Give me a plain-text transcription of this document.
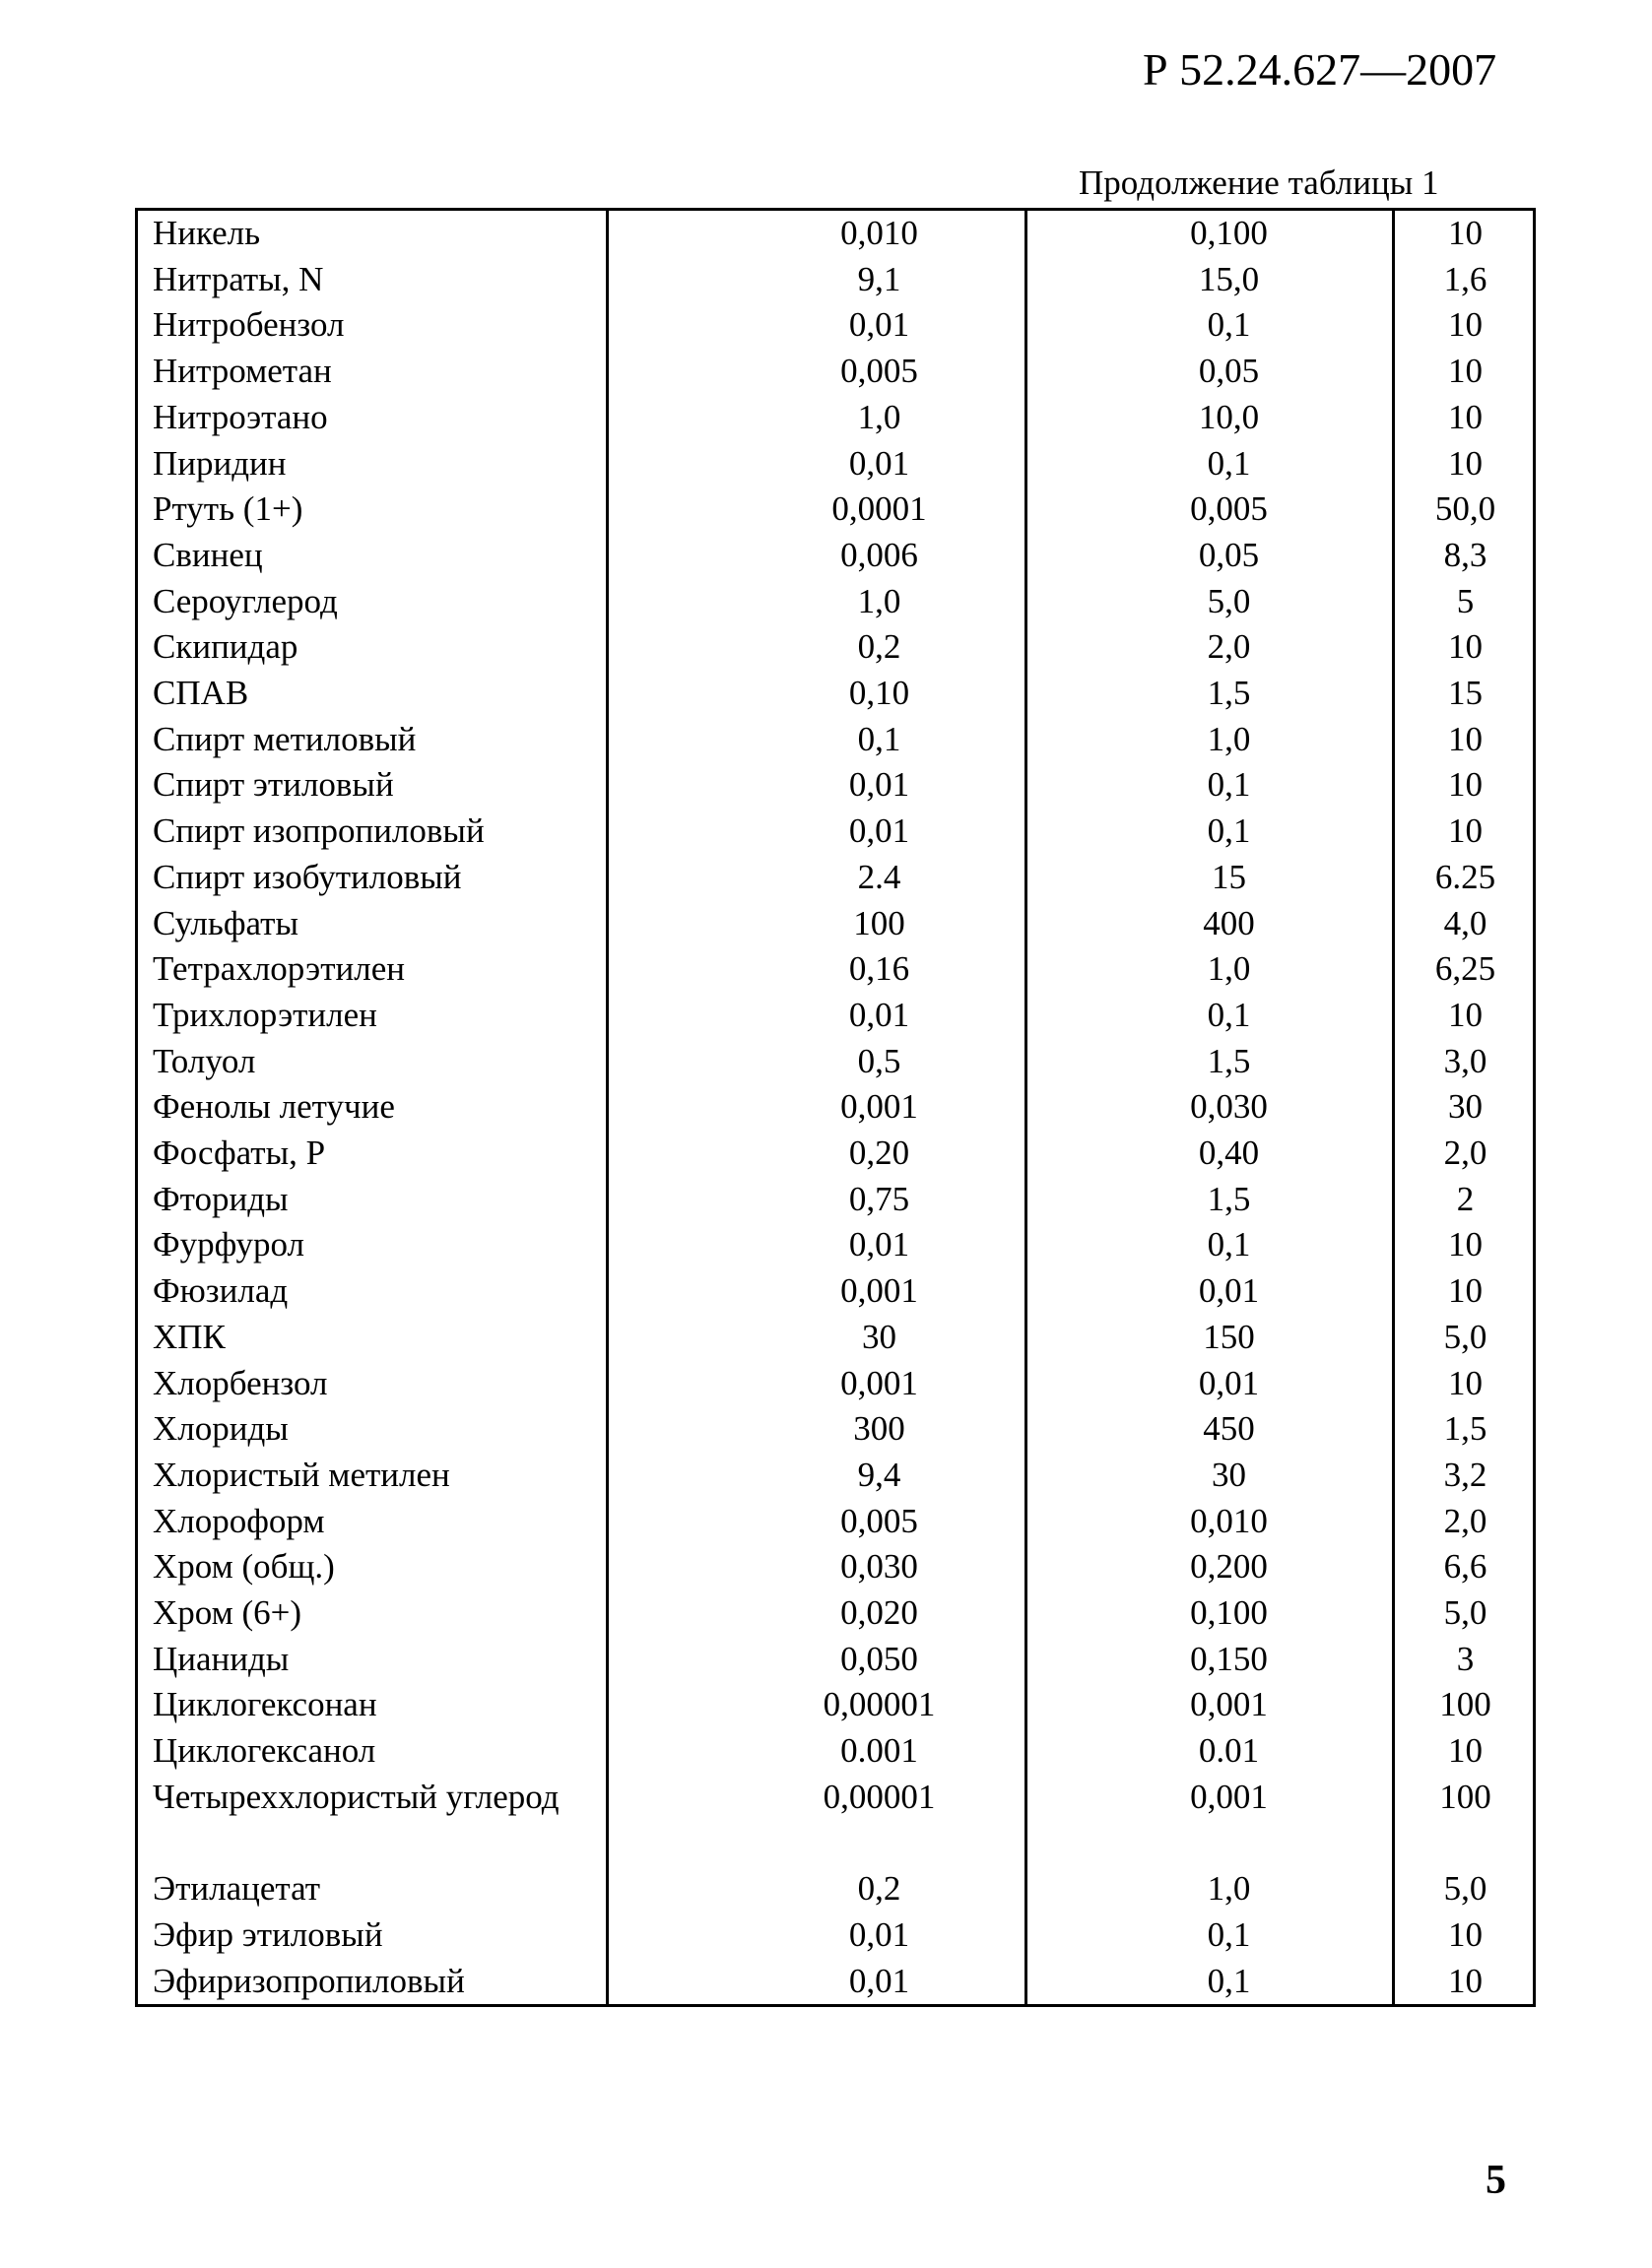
Р 52.24.627—2007
Продолжение таблицы 1
Никель	0,010	0,100	10
Нитраты, N	9,1	15,0	1,6
Нитробензол	0,01	0,1	10
Нитрометан	0,005	0,05	10
Нитроэтано	1,0	10,0	10
Пиридин	0,01	0,1	10
Ртуть (1+)	0,0001	0,005	50,0
Свинец	0,006	0,05	8,3
Сероуглерод	1,0	5,0	5
Скипидар	0,2	2,0	10
СПАВ	0,10	1,5	15
Спирт метиловый	0,1	1,0	10
Спирт этиловый	0,01	0,1	10
Спирт изопропиловый	0,01	0,1	10
Спирт изобутиловый	2.4	15	6.25
Сульфаты	100	400	4,0
Тетрахлорэтилен	0,16	1,0	6,25
Трихлорэтилен	0,01	0,1	10
Толуол	0,5	1,5	3,0
Фенолы летучие	0,001	0,030	30
Фосфаты, Р	0,20	0,40	2,0
Фториды	0,75	1,5	2
Фурфурол	0,01	0,1	10
Фюзилад	0,001	0,01	10
ХПК	30	150	5,0
Хлорбензол	0,001	0,01	10
Хлориды	300	450	1,5
Хлористый метилен	9,4	30	3,2
Хлороформ	0,005	0,010	2,0
Хром (общ.)	0,030	0,200	6,6
Хром (6+)	0,020	0,100	5,0
Цианиды	0,050	0,150	3
Циклогексонан	0,00001	0,001	100
Циклогексанол	0.001	0.01	10
Четыреххлористый углерод	0,00001	0,001	100
Этилацетат	0,2	1,0	5,0
Эфир этиловый	0,01	0,1	10
Эфиризопропиловый	0,01	0,1	10
5
